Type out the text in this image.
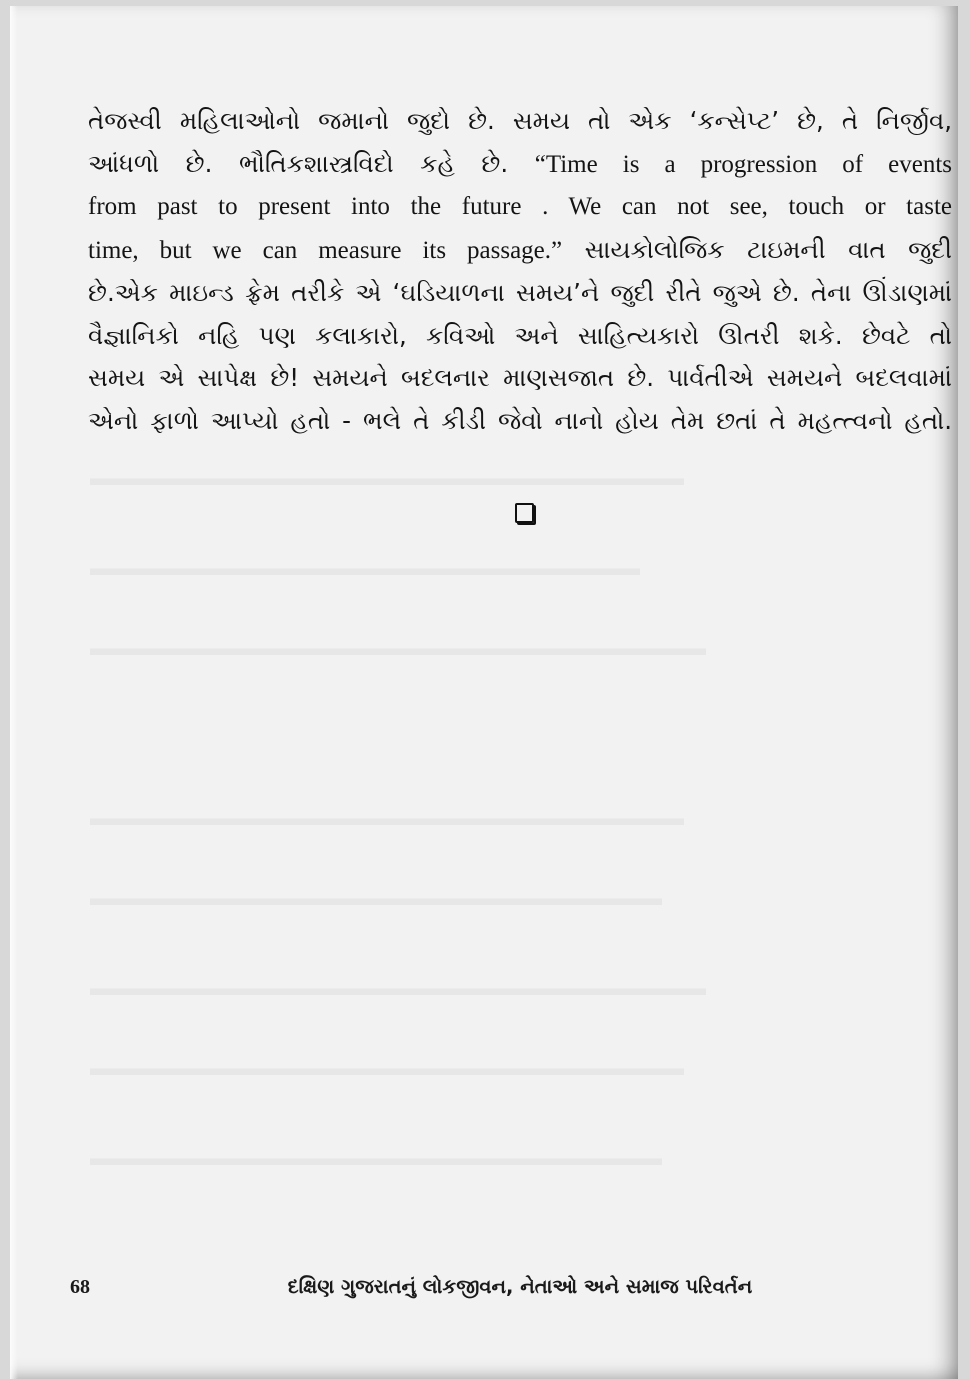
તેજસ્વી મહિલાઓનો જમાનો જુદો છે. સમય તો એક ‘કન્સેપ્ટ’ છે, તે નિર્જીવ,
આંધળો છે. ભૌતિકશાસ્ત્રવિદો કહે છે. “Time is a progression of events
from past to present into the future . We can not see, touch or taste
time, but we can measure its passage.” સાયકોલોજિક ટાઇમની વાત જુદી
છે.એક માઇન્ડ ફ્રેમ તરીકે એ ‘ઘડિયાળના સમય’ને જુદી રીતે જુએ છે. તેના ઊંડાણમાં
વૈજ્ઞાનિકો નહિ પણ કલાકારો, કવિઓ અને સાહિત્યકારો ઊતરી શકે. છેવટે તો
સમય એ સાપેક્ષ છે! સમયને બદલનાર માણસજાત છે. પાર્વતીએ સમયને બદલવામાં
એનો ફાળો આપ્યો હતો - ભલે તે કીડી જેવો નાનો હોય તેમ છતાં તે મહત્ત્વનો હતો.
68	દક્ષિણ ગુજરાતનું લોકજીવન, નેતાઓ અને સમાજ પરિવર્તન
